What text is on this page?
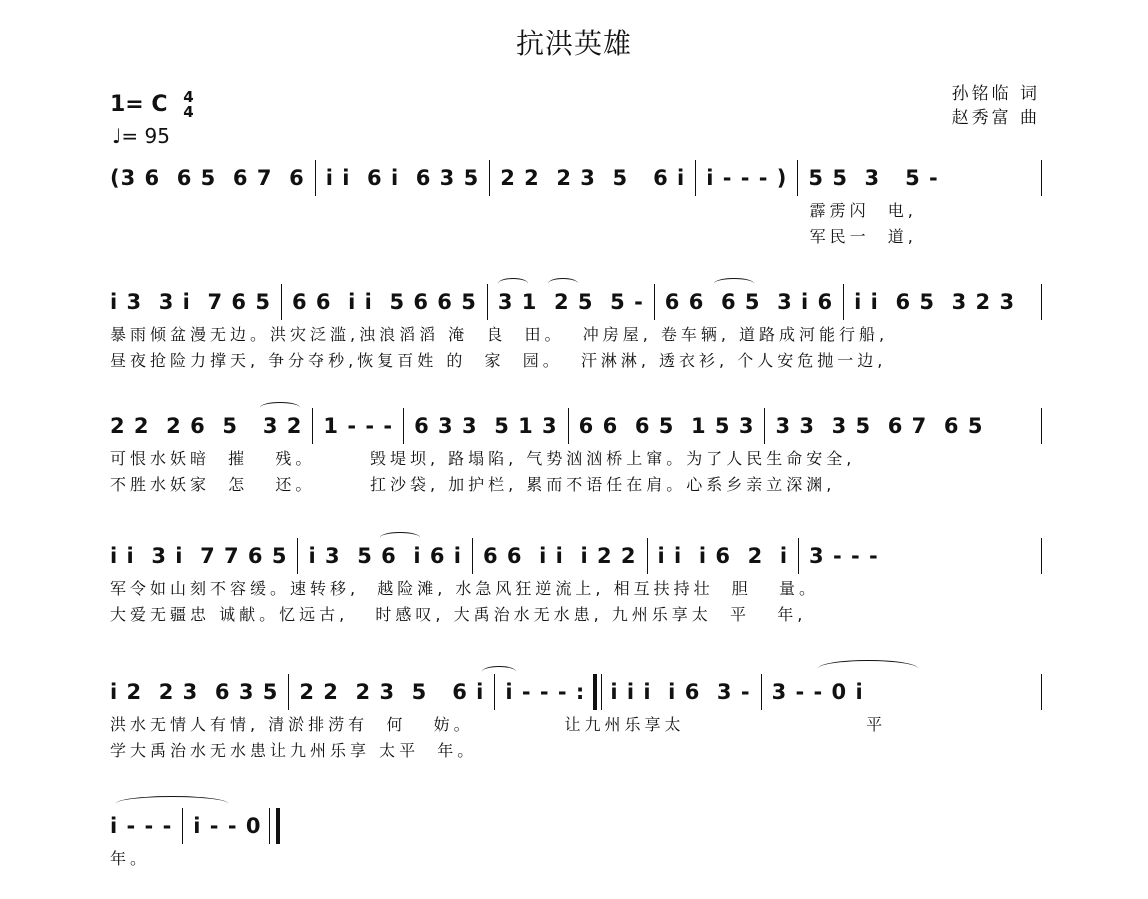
抗洪英雄
1= C 4
4
♩= 95
孙铭临 词
赵秀富 曲
(3 6  6 5  6 7  6 i i  6 i  6 3 5 2 2  2 3  5   6 i i - - - ) 5 5  3   5 -
霹雳闪  电,
军民一  道,
i 3  3 i  7 6 5 6 6  i i  5 6 6 5 3 1  2 5  5 - 6 6  6 5  3 i 6 i i  6 5  3 2 3
暴雨倾盆漫无边。洪灾泛滥,浊浪滔滔 淹  良  田。  冲房屋, 卷车辆, 道路成河能行船,
昼夜抢险力撑天, 争分夺秒,恢复百姓 的  家  园。  汗淋淋, 透衣衫, 个人安危抛一边,
2 2  2 6  5   3 2 1 - - - 6 3 3  5 1 3 6 6  6 5  1 5 3 3 3  3 5  6 7  6 5
可恨水妖暗  摧   残。      毁堤坝, 路塌陷, 气势汹汹桥上窜。为了人民生命安全,
不胜水妖家  怎   还。      扛沙袋, 加护栏, 累而不语任在肩。心系乡亲立深渊,
i i  3 i  7 7 6 5 i 3  5 6  i 6 i 6 6  i i  i 2 2 i i  i 6  2  i 3 - - -
军令如山刻不容缓。速转移,  越险滩, 水急风狂逆流上, 相互扶持壮  胆   量。
大爱无疆忠 诚献。忆远古,   时感叹, 大禹治水无水患, 九州乐享太  平   年,
i 2  2 3  6 3 5 2 2  2 3  5   6 i i - - - : i i i  i 6  3 - 3 - - 0 i
洪水无情人有情, 清淤排涝有  何   妨。          让九州乐享太                    平
学大禹治水无水患让九州乐享 太平  年。
i - - - i - - 0
年。
